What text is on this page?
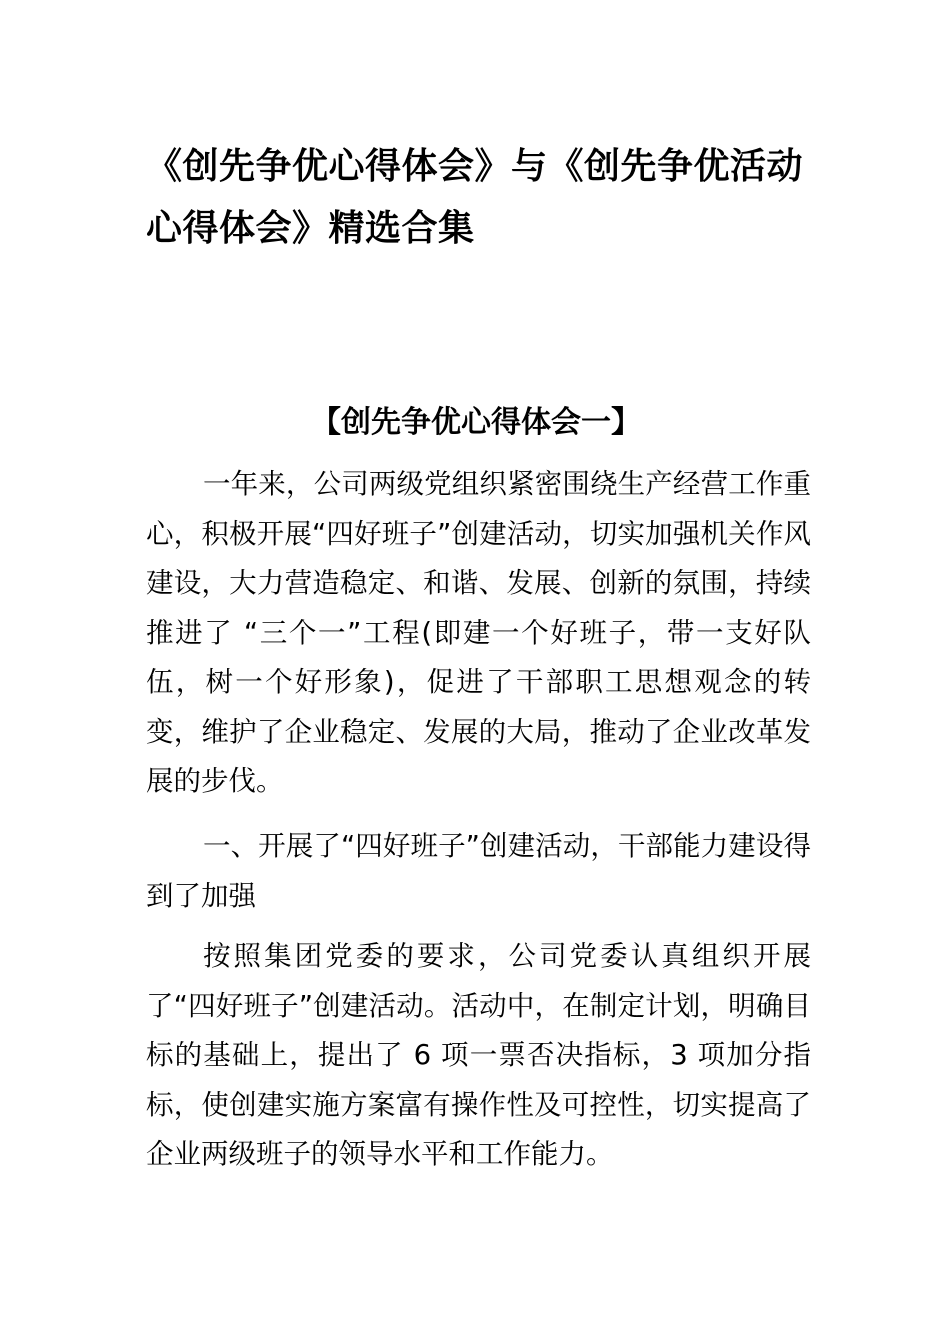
《创先争优心得体会》与《创先争优活动心得体会》精选合集
【创先争优心得体会一】

一年来，公司两级党组织紧密围绕生产经营工作重心，积极开展“四好班子”创建活动，切实加强机关作风建设，大力营造稳定、和谐、发展、创新的氛围，持续推进了 “三个一”工程(即建一个好班子，带一支好队伍，树一个好形象)，促进了干部职工思想观念的转变，维护了企业稳定、发展的大局，推动了企业改革发展的步伐。

一、开展了“四好班子”创建活动，干部能力建设得到了加强

按照集团党委的要求，公司党委认真组织开展了“四好班子”创建活动。活动中，在制定计划，明确目标的基础上，提出了 6 项一票否决指标，3 项加分指标，使创建实施方案富有操作性及可控性，切实提高了企业两级班子的领导水平和工作能力。
